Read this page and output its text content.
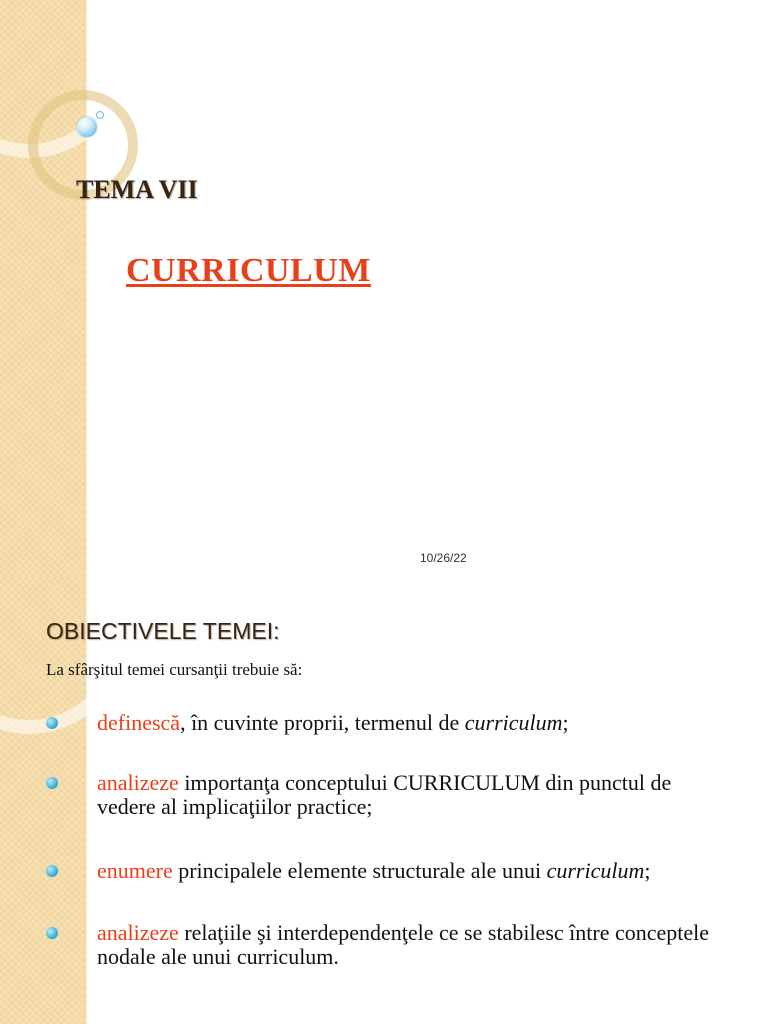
TEMA VII
CURRICULUM
10/26/22
OBIECTIVELE TEMEI:
La sfârşitul temei cursanţii trebuie să:
definescă, în cuvinte proprii, termenul de curriculum;
analizeze importanţa conceptului CURRICULUM din punctul de vedere al implicaţiilor practice;
enumere principalele elemente structurale ale unui curriculum;
analizeze relaţiile şi interdependenţele ce se stabilesc între conceptele nodale ale unui curriculum.
